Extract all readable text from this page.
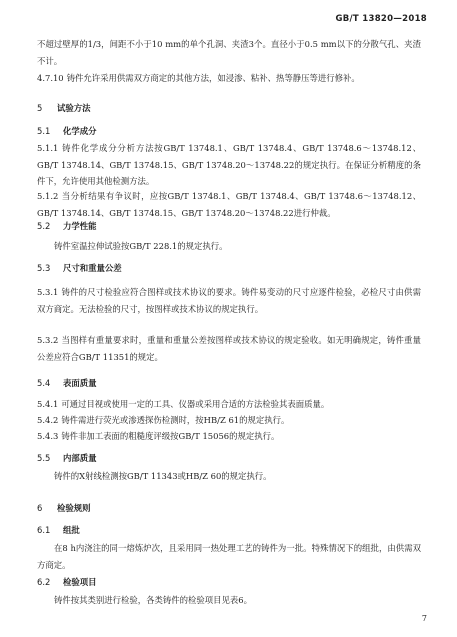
GB/T 13820—2018
不超过壁厚的1/3，间距不小于10 mm的单个孔洞、夹渣3个。直径小于0.5 mm以下的分散气孔、夹渣不计。
4.7.10 铸件允许采用供需双方商定的其他方法，如浸渗、粘补、热等静压等进行修补。
5 试验方法
5.1 化学成分
5.1.1 铸件化学成分分析方法按GB/T 13748.1、GB/T 13748.4、GB/T 13748.6～13748.12、GB/T 13748.14、GB/T 13748.15、GB/T 13748.20～13748.22的规定执行。在保证分析精度的条件下，允许使用其他检测方法。
5.1.2 当分析结果有争议时，应按GB/T 13748.1、GB/T 13748.4、GB/T 13748.6～13748.12、GB/T 13748.14、GB/T 13748.15、GB/T 13748.20～13748.22进行仲裁。
5.2 力学性能
铸件室温拉伸试验按GB/T 228.1的规定执行。
5.3 尺寸和重量公差
5.3.1 铸件的尺寸检验应符合图样或技术协议的要求。铸件易变动的尺寸应逐件检验，必检尺寸由供需双方商定。无法检验的尺寸，按图样或技术协议的规定执行。
5.3.2 当图样有重量要求时，重量和重量公差按图样或技术协议的规定验收。如无明确规定，铸件重量公差应符合GB/T 11351的规定。
5.4 表面质量
5.4.1 可通过目视或使用一定的工具、仪器或采用合适的方法检验其表面质量。
5.4.2 铸件需进行荧光或渗透探伤检测时，按HB/Z 61的规定执行。
5.4.3 铸件非加工表面的粗糙度评级按GB/T 15056的规定执行。
5.5 内部质量
铸件的X射线检测按GB/T 11343或HB/Z 60的规定执行。
6 检验规则
6.1 组批
在8 h内浇注的同一熔炼炉次，且采用同一热处理工艺的铸件为一批。特殊情况下的组批，由供需双方商定。
6.2 检验项目
铸件按其类别进行检验，各类铸件的检验项目见表6。
7
